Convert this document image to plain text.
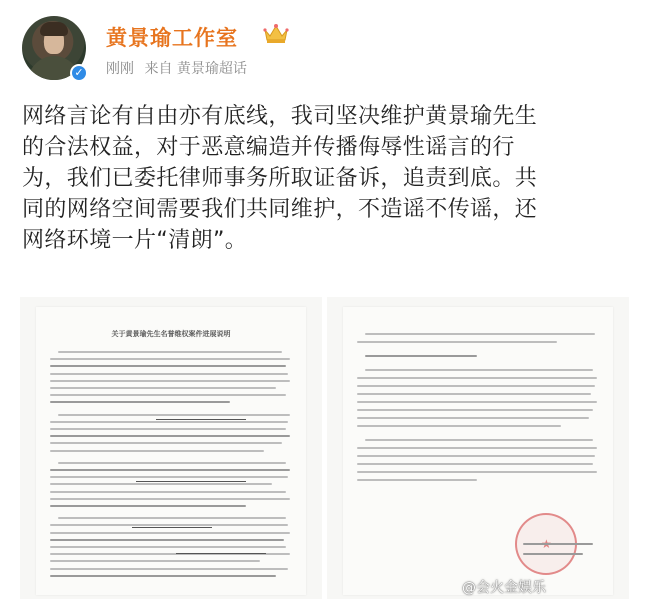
✓
黄景瑜工作室
刚刚 来自 黄景瑜超话

网络言论有自由亦有底线，我司坚决维护黄景瑜先生

的合法权益，对于恶意编造并传播侮辱性谣言的行

为，我们已委托律师事务所取证备诉，追责到底。共

同的网络空间需要我们共同维护，不造谣不传谣，还

网络环境一片“清朗”。

关于黄景瑜先生名誉维权案件进展说明
@会火金娱乐
